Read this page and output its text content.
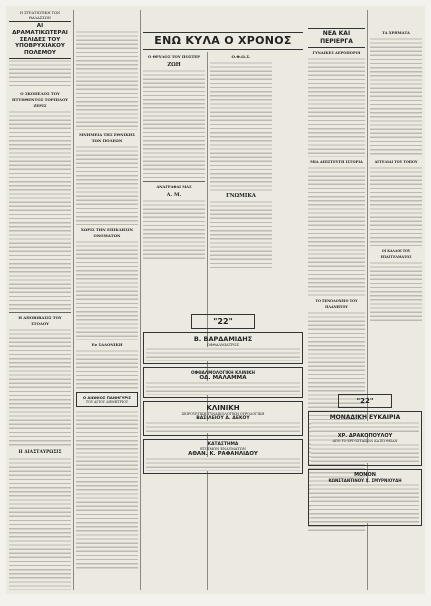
Η ΣΤΡΑΤΙΩΤΙΚΗ ΤΩΝ ΘΑΛΑΣΣΩΝ
ΑΙ ΔΡΑΜΑΤΙΚΩΤΕΡΑΙ ΣΕΛΙΔΕΣ ΤΟΥ ΥΠΟΒΡΥΧΙΑΚΟΥ ΠΟΛΕΜΟΥ
Ο ΣΚΟΠΕΛΟΣ ΤΟΥ ΗΤΤΗΘΕΝΤΟΣ ΤΟΡΠΙΛΟΥ ΖΕΡΙΣ
Η ΑΠΟΒΙΒΑΣΙΣ ΤΟΥ ΣΤΟΛΟΥ
Η ΔΙΑΣΤΑΥΡΩΣΙΣ
ΜΝΗΜΕΙΑ ΤΗΣ ΕΘΝΙΚΗΣ ΤΩΝ ΠΟΛΕΩΝ
ΧΩΡΙΣ ΤΗΝ ΕΠΙΚΛΗΣΙΝ ΟΝΟΜΑΤΩΝ
Εν ΣΑΛΟΝΙΚΗ
Ο ΑΙΩΝΙΟΣ ΠΑΝΗΓΥΡΙΣ
ΤΟΥ ΑΓΙΟΥ ΔΗΜΗΤΡΙΟΥ
ΕΝΩ ΚΥΛΑ Ο ΧΡΟΝΟΣ
Ο ΘΡΥΛΟΣ ΤΟΥ ΠΟΣΤΕΡ
ΖΩΗ
ΑΝΑΓΡΑΦΑΙ ΜΑΣ
Α. Μ.
Ο.Φ.Ω.Σ.
ΓΝΩΜΙΚΑ
"22"
Β. ΒΑΡΔΑΜΙΔΗΣ
ΟΦΘΑΛΜΙΑΤΡΟΣ
ΟΦΘΑΛΜΟΛΟΓΙΚΗ ΚΛΙΝΙΚΗ
ΟΔ. ΜΑΛΑΜΜΑ
ΚΛΙΝΙΚΗ
ΧΕΙΡΟΥΡΓΙΚΗ ΓΥΝΑΙΚΟΛΟΓΙΚΗ ΟΥΡΟΛΟΓΙΚΗ
ΒΑΣΙΛΕΙΟΥ Δ. ΔΕΚΟΥ
ΚΑΤΑΣΤΗΜΑ
ΕΤΟΙΜΩΝ ΕΝΔΥΜΑΤΩΝ
ΑΘΑΝ. Κ. ΡΑΦΑΗΛΙΔΟΥ
ΝΕΑ ΚΑΙ ΠΕΡΙΕΡΓΑ
ΓΥΝΑΙΚΕΣ ΑΕΡΟΠΟΡΟΙ
ΜΙΑ ΑΠΙΣΤΕΥΤΗ ΙΣΤΟΡΙΑ
ΤΟ ΞΕΝΟΔΟΧΕΙΟ ΤΟΥ ΠΛΑΝΗΤΟΥ
ΤΑ ΧΡΗΜΑΤΑ
ΑΓΓΕΛΙΑΙ ΤΟΥ ΤΟΠΟΥ
ΟΙ ΚΑΛΛΟΙ ΤΟΥ ΕΠΑΓΓΕΛΜΑΤΟΣ
"22"
ΜΟΝΑΔΙΚΗ ΕΥΚΑΙΡΙΑ
ΧΡ. ΔΡΑΚΟΠΟΥΛΟΥ
ΑΠΟ ΤΟ ΕΡΓΟΣΤΑΣΙΟΝ ΚΑΤΕΥΘΕΙΑΝ
ΜΟΝΟΝ
ΚΩΝΣΤΑΝΤΙΝΟΥ Χ. ΣΜΥΡΝΙΟΥΔΗ
